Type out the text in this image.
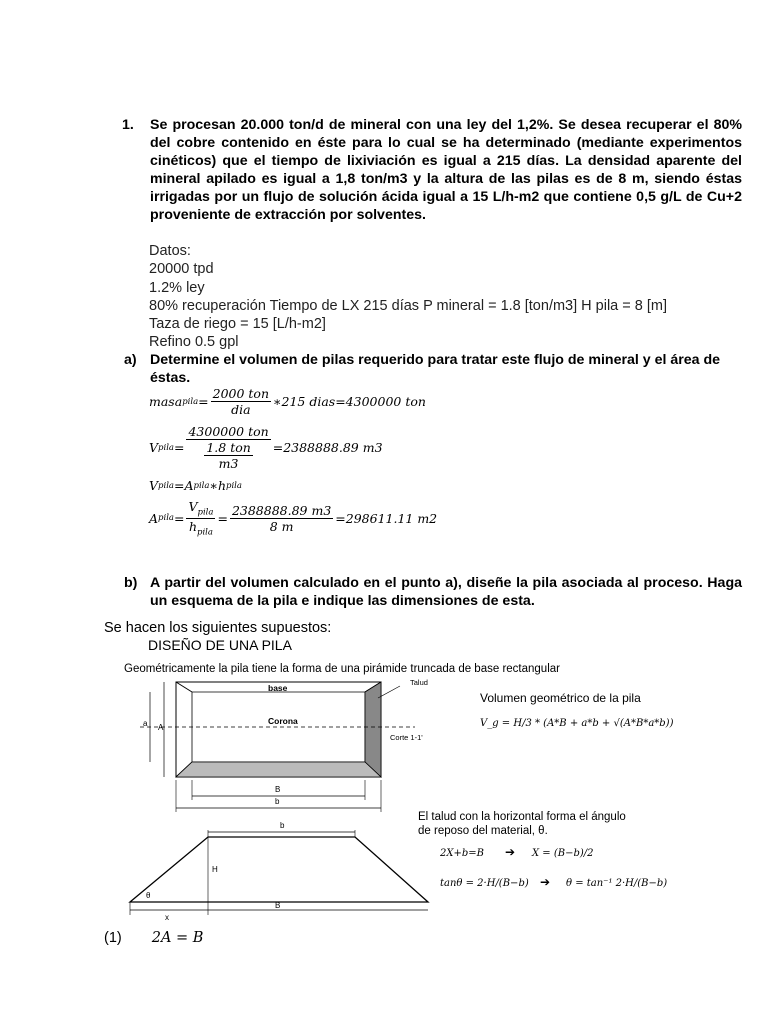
1. Se procesan 20.000 ton/d de mineral con una ley del 1,2%. Se desea recuperar el 80% del cobre contenido en éste para lo cual se ha determinado (mediante experimentos cinéticos) que el tiempo de lixiviación es igual a 215 días. La densidad aparente del mineral apilado es igual a 1,8 ton/m3 y la altura de las pilas es de 8 m, siendo éstas irrigadas por un flujo de solución ácida igual a 15 L/h-m2 que contiene 0,5 g/L de Cu+2 proveniente de extracción por solventes.
Datos:
20000 tpd
1.2% ley
80% recuperación Tiempo de LX 215 días P mineral = 1.8 [ton/m3] H pila = 8 [m]
Taza de riego = 15 [L/h-m2]
Refino 0.5 gpl
a) Determine el volumen de pilas requerido para tratar este flujo de mineral y el área de éstas.
masa pila = $\frac{\text{2000 ton}}{\text{dia}}$ ∗215 dias=4300000 ton
V pila = $\frac{\text{4300000 ton}}{\frac{\text{1.8 ton}}{m3}} =2388888.89$ m3
V pila = A pila ∗ h pila
A pila = $\frac{V_{pila}}{h_{pila}} = \frac{2388888.89 m3}{8 m} =298611.11$ m2
b) A partir del volumen calculado en el punto a), diseñe la pila asociada al proceso. Haga un esquema de la pila e indique las dimensiones de esta.
Se hacen los siguientes supuestos:
DISEÑO DE UNA PILA
Geométricamente la pila tiene la forma de una pirámide truncada de base rectangular
base
Corona
Talud
Corte 1-1'
a A
B
b
Volumen geométrico de la pila
V_g = H/3 * (A*B + a*b + √(A*B*a*b))
b
H
θ
x
B
El talud con la horizontal forma el ángulo
de reposo del material, θ.
2X+b=B ➔ X = (B−b)/2
tanθ = 2·H/(B−b) ➔ θ = tan⁻¹ 2·H/(B−b)
(1) 2A = B
